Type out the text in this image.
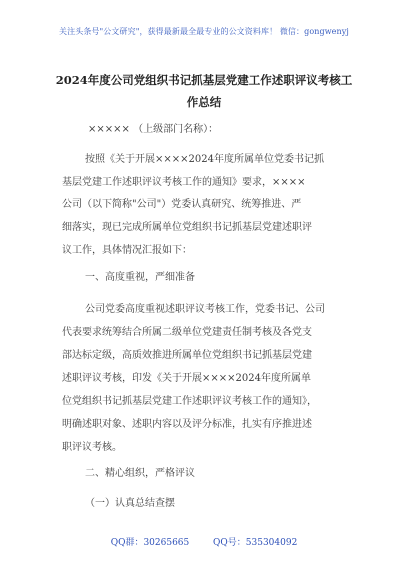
关注头条号"公文研究"，获得最新最全最专业的公文资料库！ 微信：gongwenyj
2024年度公司党组织书记抓基层党建工作述职评议考核工
作总结
××××× （上级部门名称）：
按照《关于开展××××2024年度所属单位党委书记抓
基层党建工作述职评议考核工作的通知》要求，××××
公司（以下简称"公司"）党委认真研究、统筹推进、严
细落实，现已完成所属单位党组织书记抓基层党建述职评
议工作，具体情况汇报如下：
一、高度重视，严细准备
公司党委高度重视述职评议考核工作，党委书记、公司
代表要求统筹结合所属二级单位党建责任制考核及各党支
部达标定级，高质效推进所属单位党组织书记抓基层党建
述职评议考核，印发《关于开展××××2024年度所属单
位党组织书记抓基层党建工作述职评议考核工作的通知》，
明确述职对象、述职内容以及评分标准，扎实有序推进述
职评议考核。
二、精心组织，严格评议
（一）认真总结查摆
QQ群：30265665	QQ号：535304092
